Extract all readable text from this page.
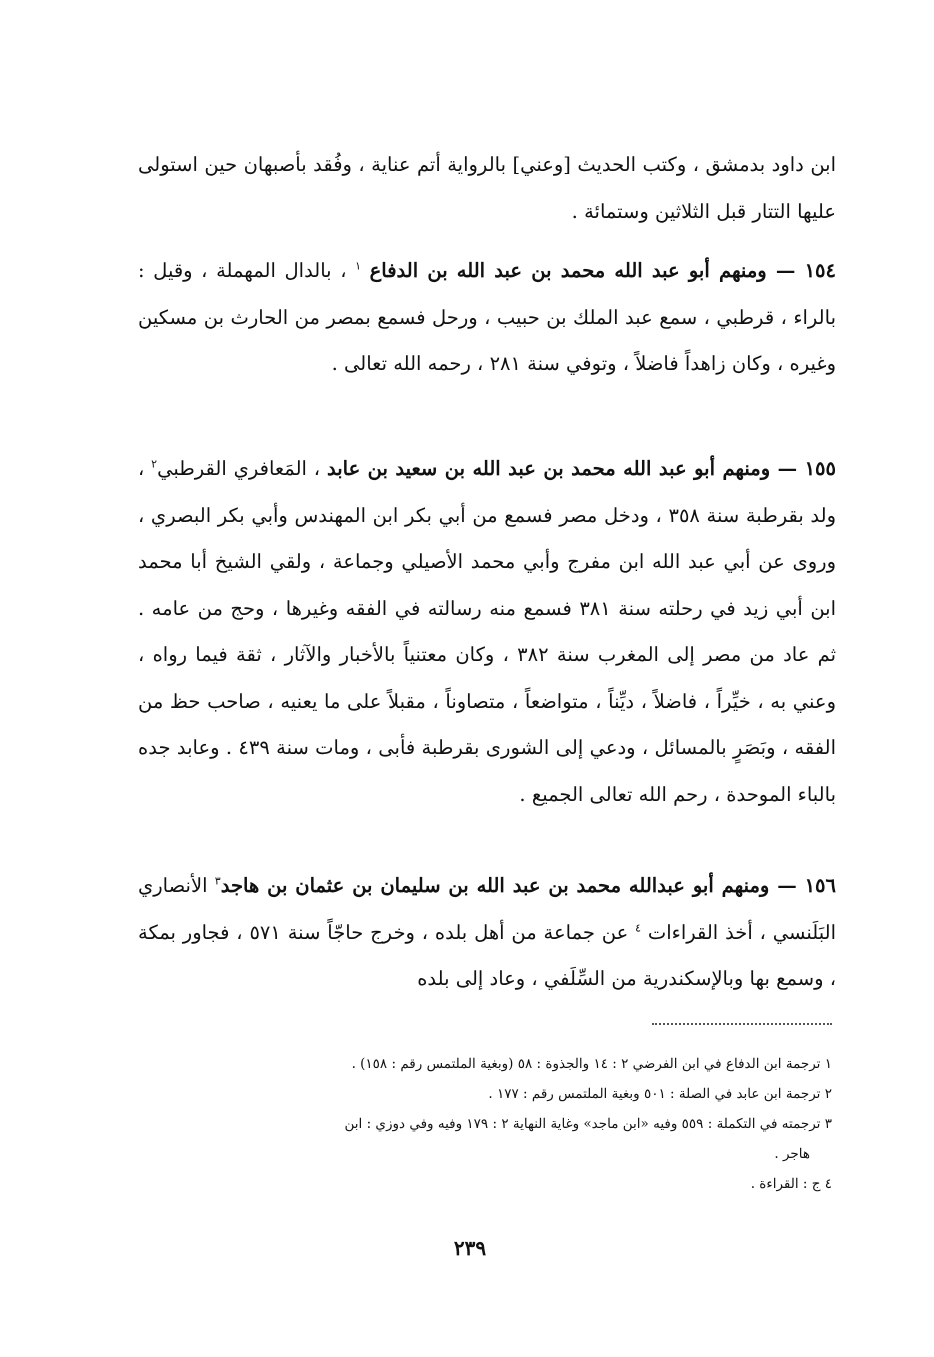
ابن داود بدمشق ، وكتب الحديث [وعني] بالرواية أتم عناية ، وفُقد بأصبهان حين استولى عليها التتار قبل الثلاثين وستمائة .
١٥٤ — ومنهم أبو عبد الله محمد بن عبد الله بن الدفاع $^١$ ، بالدال المهملة ، وقيل : بالراء ، قرطبي ، سمع عبد الملك بن حبيب ، ورحل فسمع بمصر من الحارث بن مسكين وغيره ، وكان زاهداً فاضلاً ، وتوفي سنة ٢٨١ ، رحمه الله تعالى .
١٥٥ — ومنهم أبو عبد الله محمد بن عبد الله بن سعيد بن عابد ، المَعافري القرطبي$^٢$ ، ولد بقرطبة سنة ٣٥٨ ، ودخل مصر فسمع من أبي بكر ابن المهندس وأبي بكر البصري ، وروى عن أبي عبد الله ابن مفرج وأبي محمد الأصيلي وجماعة ، ولقي الشيخ أبا محمد ابن أبي زيد في رحلته سنة ٣٨١ فسمع منه رسالته في الفقه وغيرها ، وحج من عامه . ثم عاد من مصر إلى المغرب سنة ٣٨٢ ، وكان معتنياً بالأخبار والآثار ، ثقة فيما رواه ، وعني به ، خيِّراً ، فاضلاً ، ديِّناً ، متواضعاً ، متصاوناً ، مقبلاً على ما يعنيه ، صاحب حظ من الفقه ، وبَصَرٍ بالمسائل ، ودعي إلى الشورى بقرطبة فأبى ، ومات سنة ٤٣٩ . وعابد جده بالباء الموحدة ، رحم الله تعالى الجميع .
١٥٦ — ومنهم أبو عبدالله محمد بن عبد الله بن سليمان بن عثمان بن هاجد$^٣$ الأنصاري البَلَنسي ، أخذ القراءات $^٤$ عن جماعة من أهل بلده ، وخرج حاجّاً سنة ٥٧١ ، فجاور بمكة ، وسمع بها وبالإسكندرية من السِّلَفي ، وعاد إلى بلده

١ ترجمة ابن الدفاع في ابن الفرضي ٢ : ١٤ والجذوة : ٥٨ (وبغية الملتمس رقم : ١٥٨) .

٢ ترجمة ابن عابد في الصلة : ٥٠١ وبغية الملتمس رقم : ١٧٧ .

٣ ترجمته في التكملة : ٥٥٩ وفيه «ابن ماجد» وغاية النهاية ٢ : ١٧٩ وفيه وفي دوزي : ابن

هاجر .

٤ ج : القراءة .

٢٣٩
